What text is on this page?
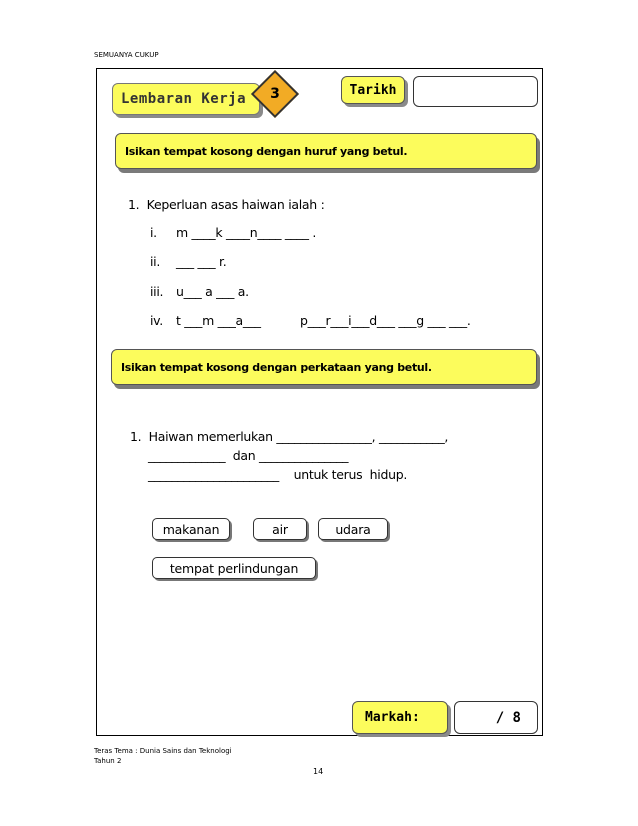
SEMUANYA CUKUP
Lembaran Kerja	3	Tarikh
Isikan tempat kosong dengan huruf yang betul.
1.  Keperluan asas haiwan ialah :
i. m ____k ____n____ ____ .
ii. ___ ___ r.
iii. u___ a ___ a.
iv. t ___m ___a___	p___r___i___d___ ___g ___ ___.
Isikan tempat kosong dengan perkataan yang betul.
1.  Haiwan memerlukan ________________, ___________,
_____________  dan _______________
______________________    untuk terus  hidup.
makanan	air	udara
tempat perlindungan
Markah:	/ 8
Teras Tema : Dunia Sains dan Teknologi
Tahun 2
14
